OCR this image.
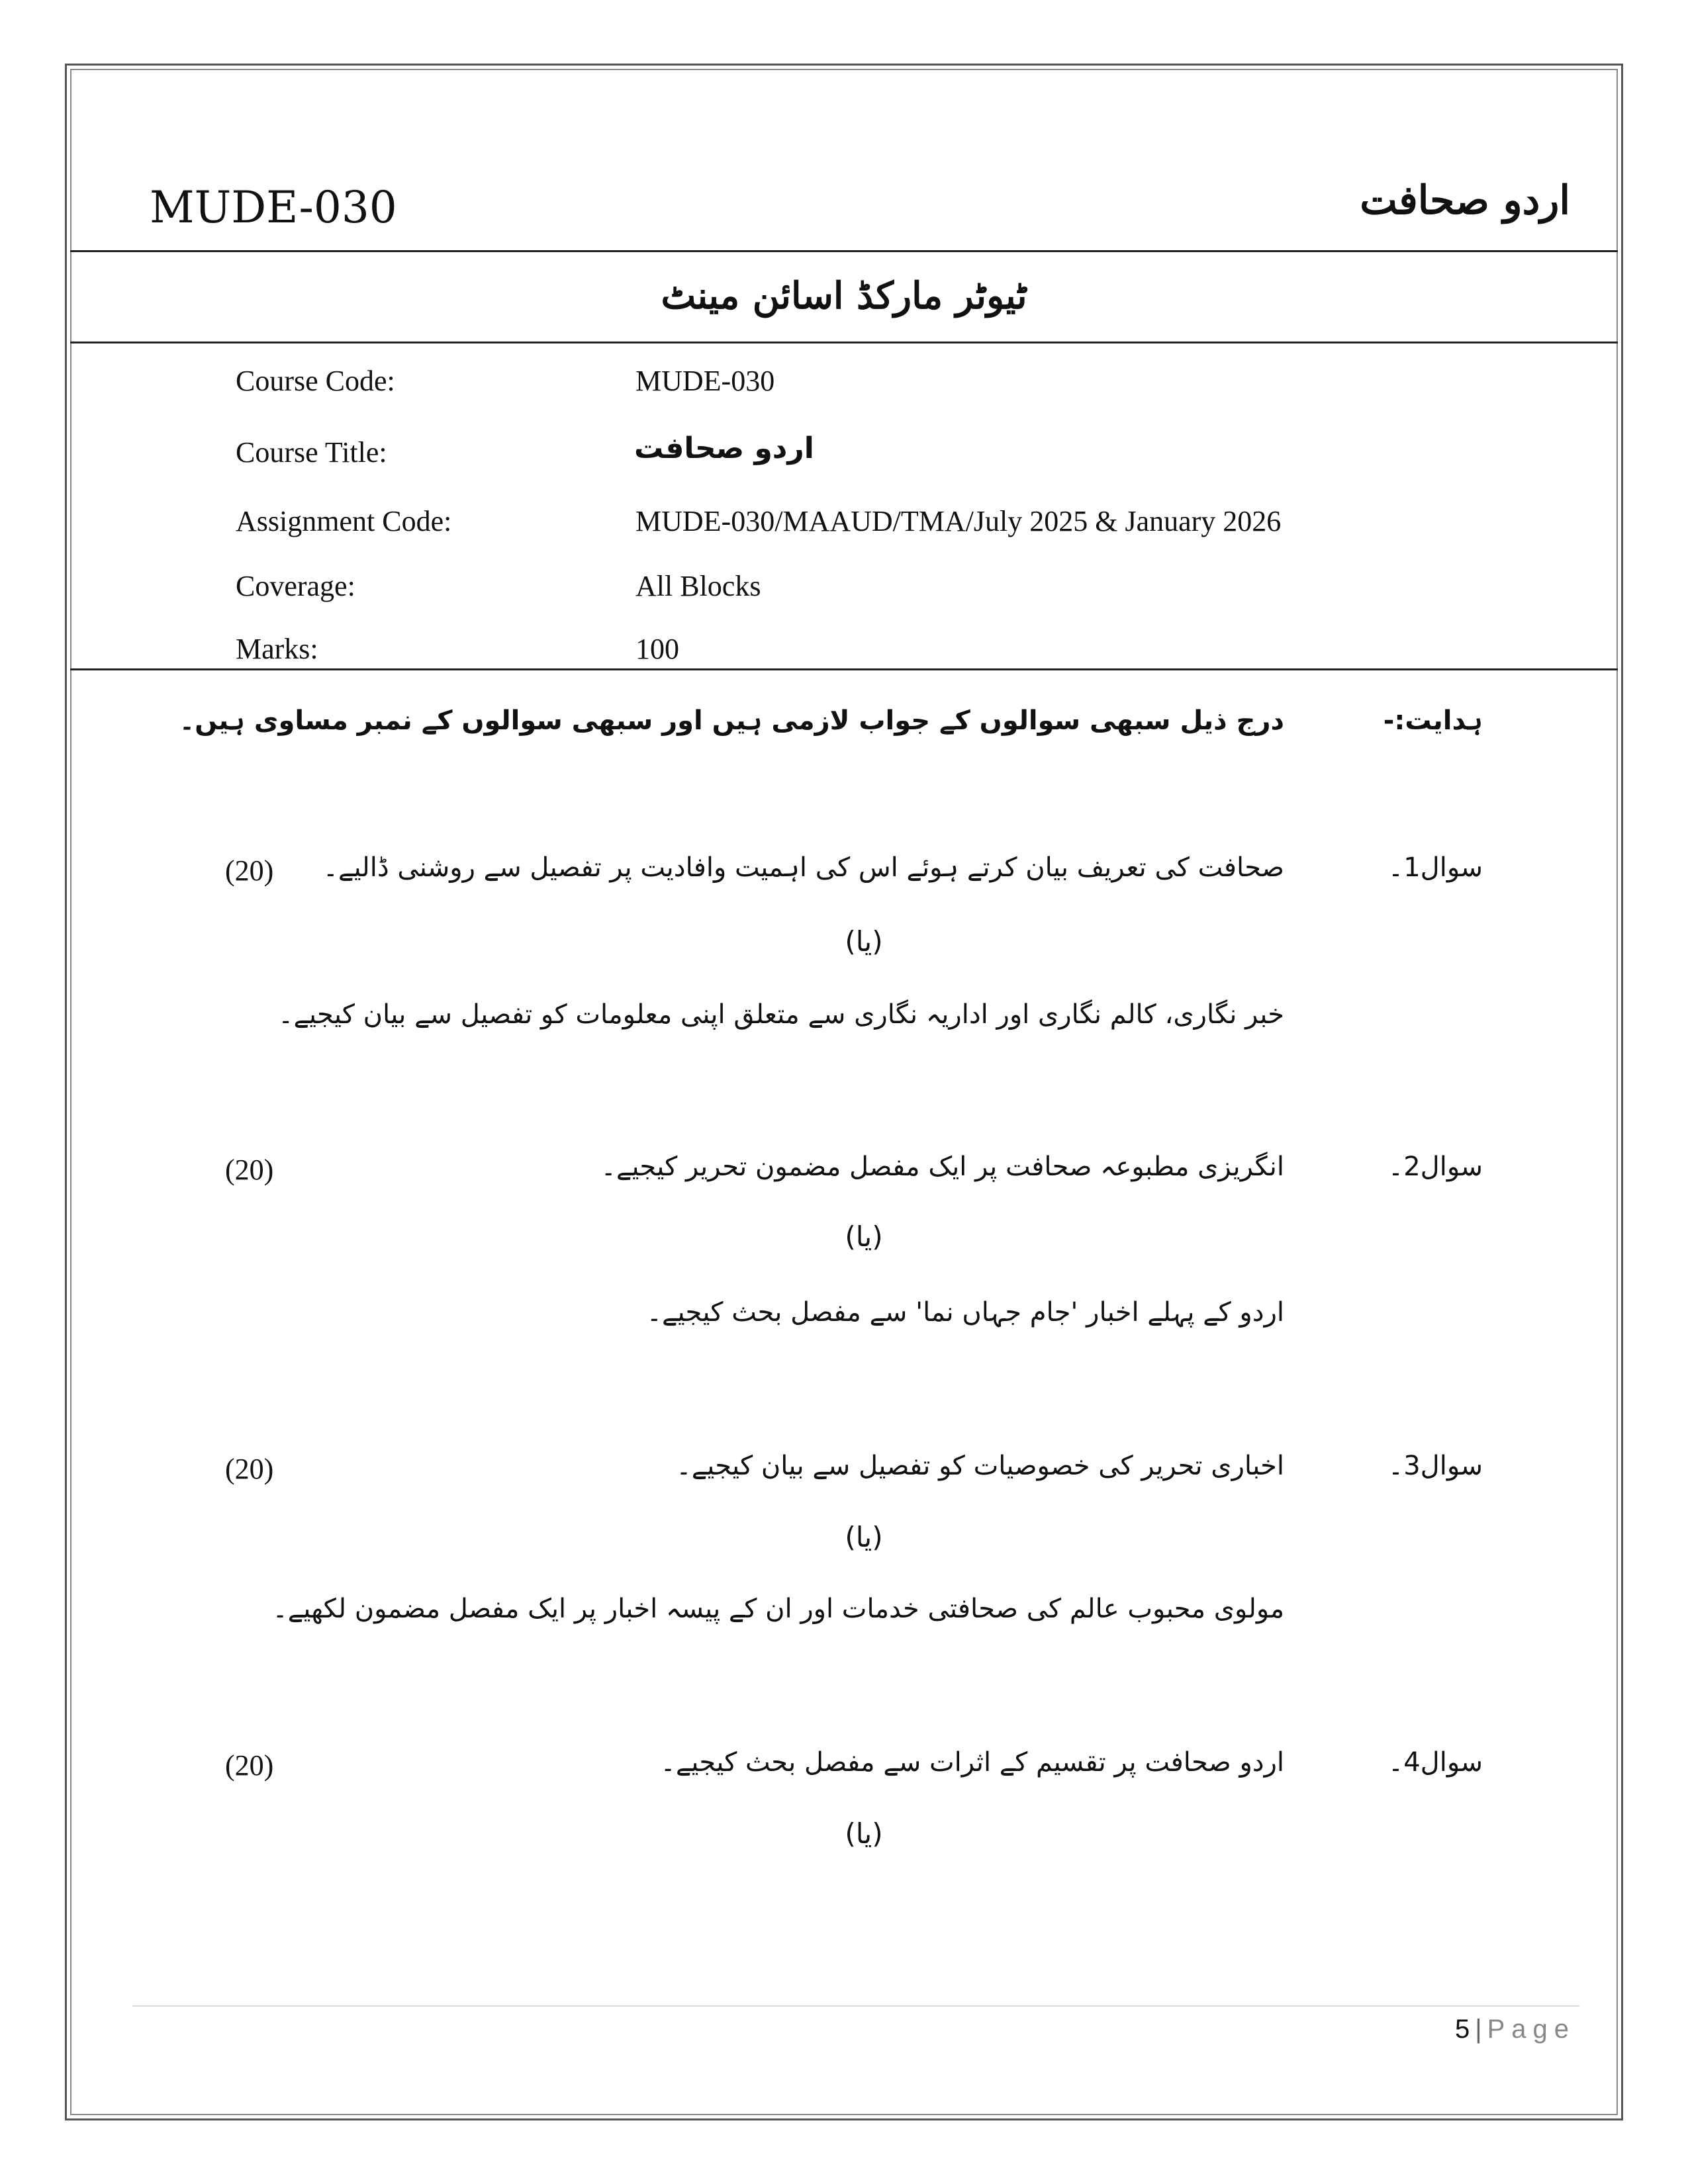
MUDE-030	اردو صحافت
ٹیوٹر مارکڈ اسائن مینٹ
Course Code:	MUDE-030
Course Title:	اردو صحافت
Assignment Code:	MUDE-030/MAAUD/TMA/July 2025 & January 2026
Coverage:	All Blocks
Marks:	100
ہدایت:-
درج ذیل سبھی سوالوں کے جواب لازمی ہیں اور سبھی سوالوں کے نمبر مساوی ہیں۔
سوال1۔
صحافت کی تعریف بیان کرتے ہوئے اس کی اہمیت وافادیت پر تفصیل سے روشنی ڈالیے۔
(20)
(یا)
خبر نگاری، کالم نگاری اور اداریہ نگاری سے متعلق اپنی معلومات کو تفصیل سے بیان کیجیے۔
سوال2۔
انگریزی مطبوعہ صحافت پر ایک مفصل مضمون تحریر کیجیے۔
(20)
(یا)
اردو کے پہلے اخبار 'جام جہاں نما' سے مفصل بحث کیجیے۔
سوال3۔
اخباری تحریر کی خصوصیات کو تفصیل سے بیان کیجیے۔
(20)
(یا)
مولوی محبوب عالم کی صحافتی خدمات اور ان کے پیسہ اخبار پر ایک مفصل مضمون لکھیے۔
سوال4۔
اردو صحافت پر تقسیم کے اثرات سے مفصل بحث کیجیے۔
(20)
(یا)
5 | Page
